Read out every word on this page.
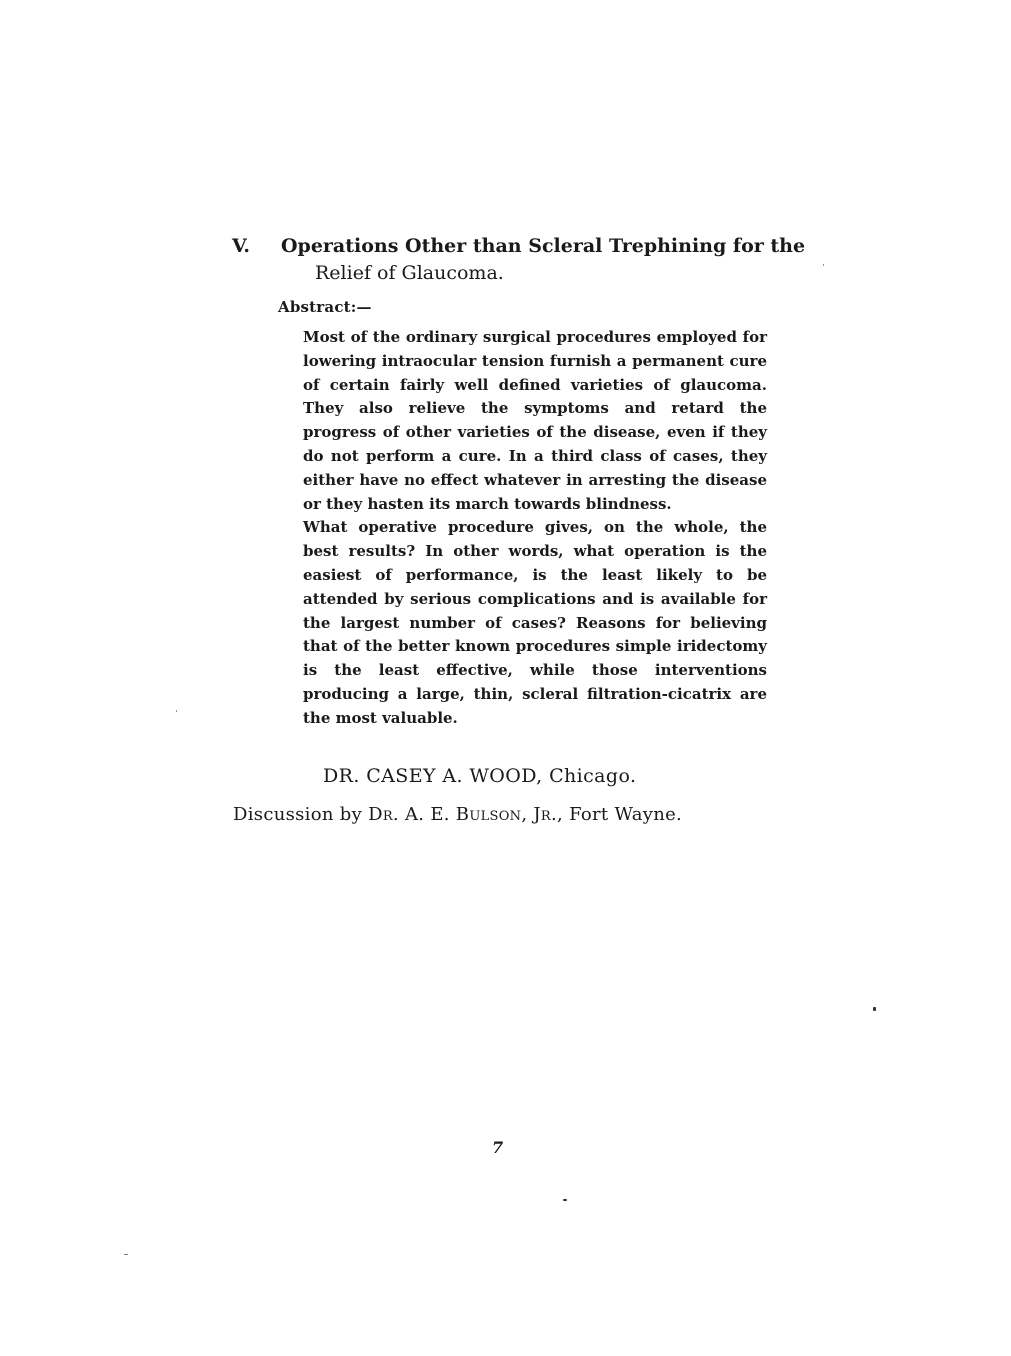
V. Operations Other than Scleral Trephining for the
Relief of Glaucoma.
Abstract:—

Most of the ordinary surgical procedures employed for lowering intraocular tension furnish a permanent cure of certain fairly well defined varieties of glaucoma. They also relieve the symptoms and retard the progress of other varieties of the disease, even if they do not perform a cure. In a third class of cases, they either have no effect whatever in arresting the disease or they hasten its march towards blindness.

What operative procedure gives, on the whole, the best results? In other words, what operation is the easiest of performance, is the least likely to be attended by serious complications and is available for the largest number of cases? Reasons for believing that of the better known procedures simple iridectomy is the least effective, while those interventions producing a large, thin, scleral filtration-cicatrix are the most valuable.

DR. CASEY A. WOOD, Chicago.
Discussion by Dr. A. E. Bulson, Jr., Fort Wayne.
7
